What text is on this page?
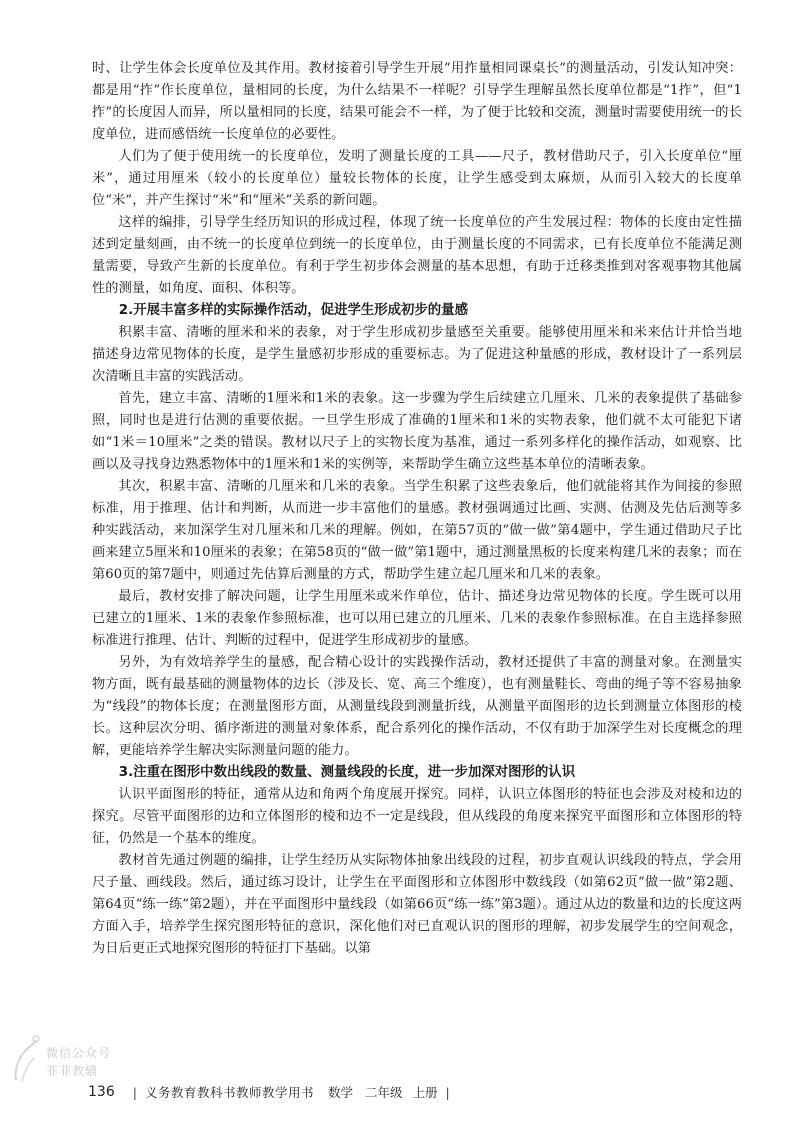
时、让学生体会长度单位及其作用。教材接着引导学生开展“用拃量相同课桌长”的测量活动，引发认知冲突：都是用“拃”作长度单位，量相同的长度，为什么结果不一样呢？引导学生理解虽然长度单位都是“1拃”，但“1拃”的长度因人而异，所以量相同的长度，结果可能会不一样，为了便于比较和交流，测量时需要使用统一的长度单位，进而感悟统一长度单位的必要性。

人们为了便于使用统一的长度单位，发明了测量长度的工具——尺子，教材借助尺子，引入长度单位“厘米”，通过用厘米（较小的长度单位）量较长物体的长度，让学生感受到太麻烦，从而引入较大的长度单位“米”，并产生探讨“米”和“厘米”关系的新问题。

这样的编排，引导学生经历知识的形成过程，体现了统一长度单位的产生发展过程：物体的长度由定性描述到定量刻画，由不统一的长度单位到统一的长度单位，由于测量长度的不同需求，已有长度单位不能满足测量需要，导致产生新的长度单位。有利于学生初步体会测量的基本思想，有助于迁移类推到对客观事物其他属性的测量，如角度、面积、体积等。

2.开展丰富多样的实际操作活动，促进学生形成初步的量感

积累丰富、清晰的厘米和米的表象，对于学生形成初步量感至关重要。能够使用厘米和米来估计并恰当地描述身边常见物体的长度，是学生量感初步形成的重要标志。为了促进这种量感的形成，教材设计了一系列层次清晰且丰富的实践活动。

首先，建立丰富、清晰的1厘米和1米的表象。这一步骤为学生后续建立几厘米、几米的表象提供了基础参照，同时也是进行估测的重要依据。一旦学生形成了准确的1厘米和1米的实物表象，他们就不太可能犯下诸如“1米＝10厘米”之类的错误。教材以尺子上的实物长度为基准，通过一系列多样化的操作活动，如观察、比画以及寻找身边熟悉物体中的1厘米和1米的实例等，来帮助学生确立这些基本单位的清晰表象。

其次，积累丰富、清晰的几厘米和几米的表象。当学生积累了这些表象后，他们就能将其作为间接的参照标准，用于推理、估计和判断，从而进一步丰富他们的量感。教材强调通过比画、实测、估测及先估后测等多种实践活动，来加深学生对几厘米和几米的理解。例如，在第57页的“做一做”第4题中，学生通过借助尺子比画来建立5厘米和10厘米的表象；在第58页的“做一做”第1题中，通过测量黑板的长度来构建几米的表象；而在第60页的第7题中，则通过先估算后测量的方式，帮助学生建立起几厘米和几米的表象。

最后，教材安排了解决问题，让学生用厘米或米作单位，估计、描述身边常见物体的长度。学生既可以用已建立的1厘米、1米的表象作参照标准，也可以用已建立的几厘米、几米的表象作参照标准。在自主选择参照标准进行推理、估计、判断的过程中，促进学生形成初步的量感。

另外，为有效培养学生的量感，配合精心设计的实践操作活动，教材还提供了丰富的测量对象。在测量实物方面，既有最基础的测量物体的边长（涉及长、宽、高三个维度），也有测量鞋长、弯曲的绳子等不容易抽象为“线段”的物体长度；在测量图形方面，从测量线段到测量折线，从测量平面图形的边长到测量立体图形的棱长。这种层次分明、循序渐进的测量对象体系，配合系列化的操作活动，不仅有助于加深学生对长度概念的理解，更能培养学生解决实际测量问题的能力。

3.注重在图形中数出线段的数量、测量线段的长度，进一步加深对图形的认识

认识平面图形的特征，通常从边和角两个角度展开探究。同样，认识立体图形的特征也会涉及对棱和边的探究。尽管平面图形的边和立体图形的棱和边不一定是线段，但从线段的角度来探究平面图形和立体图形的特征，仍然是一个基本的维度。

教材首先通过例题的编排，让学生经历从实际物体抽象出线段的过程，初步直观认识线段的特点，学会用尺子量、画线段。然后，通过练习设计，让学生在平面图形和立体图形中数线段（如第62页“做一做”第2题、第64页“练一练”第2题），并在平面图形中量线段（如第66页“练一练”第3题）。通过从边的数量和边的长度这两方面入手，培养学生探究图形特征的意识，深化他们对已直观认识的图形的理解，初步发展学生的空间观念，为日后更正式地探究图形的特征打下基础。以第

微信公众号
菲菲教辅
136 | 义务教育教科书教师教学用书 数学 二年级 上册 |
